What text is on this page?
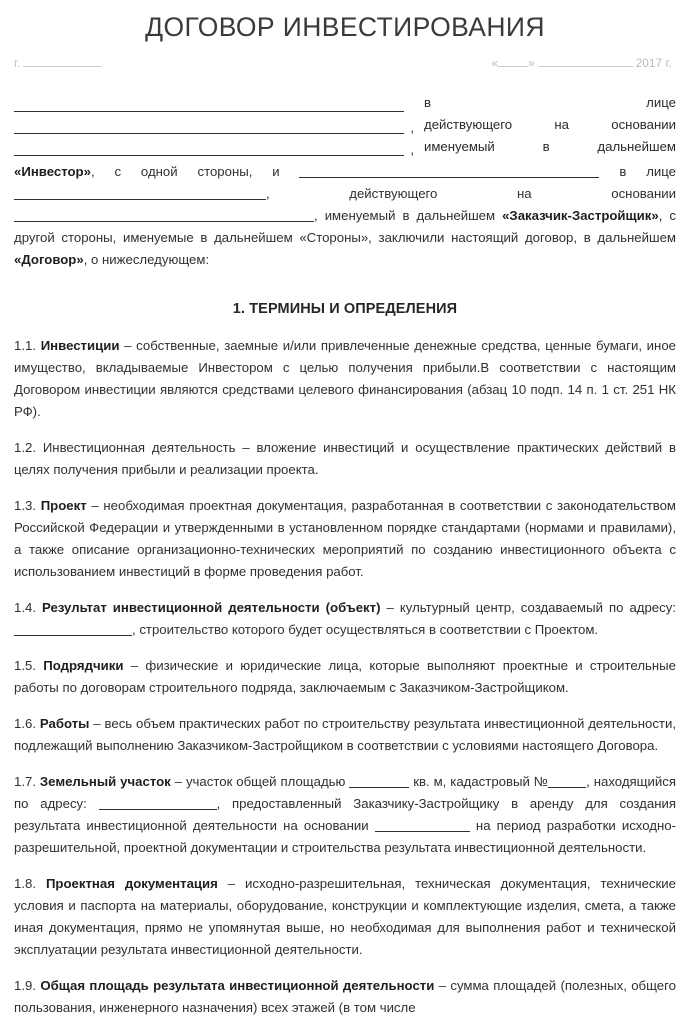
ДОГОВОР ИНВЕСТИРОВАНИЯ
г.	«	»	2017 г.
,
,
в лице
действующего на основании
именуемый в дальнейшем

«Инвестор», с одной стороны, и	в лице , действующего на основании , именуемый в дальнейшем «Заказчик-Застройщик», с другой стороны, именуемые в дальнейшем «Стороны», заключили настоящий договор, в дальнейшем «Договор», о нижеследующем:

1. ТЕРМИНЫ И ОПРЕДЕЛЕНИЯ

1.1. Инвестиции – собственные, заемные и/или привлеченные денежные средства, ценные бумаги, иное имущество, вкладываемые Инвестором с целью получения прибыли.В соответствии с настоящим Договором инвестиции являются средствами целевого финансирования (абзац 10 подп. 14 п. 1 ст. 251 НК РФ).

1.2. Инвестиционная деятельность – вложение инвестиций и осуществление практических действий в целях получения прибыли и реализации проекта.

1.3. Проект – необходимая проектная документация, разработанная в соответствии с законодательством Российской Федерации и утвержденными в установленном порядке стандартами (нормами и правилами), а также описание организационно-технических мероприятий по созданию инвестиционного объекта с использованием инвестиций в форме проведения работ.

1.4. Результат инвестиционной деятельности (объект) – культурный центр, создаваемый по адресу: , строительство которого будет осуществляться в соответствии с Проектом.

1.5. Подрядчики – физические и юридические лица, которые выполняют проектные и строительные работы по договорам строительного подряда, заключаемым с Заказчиком-Застройщиком.

1.6. Работы – весь объем практических работ по строительству результата инвестиционной деятельности, подлежащий выполнению Заказчиком-Застройщиком в соответствии с условиями настоящего Договора.

1.7. Земельный участок – участок общей площадью	кв. м, кадастровый №	, находящийся по адресу:	, предоставленный Заказчику-Застройщику в аренду для создания результата инвестиционной деятельности на основании	на период разработки исходно-разрешительной, проектной документации и строительства результата инвестиционной деятельности.

1.8. Проектная документация – исходно-разрешительная, техническая документация, технические условия и паспорта на материалы, оборудование, конструкции и комплектующие изделия, смета, а также иная документация, прямо не упомянутая выше, но необходимая для выполнения работ и технической эксплуатации результата инвестиционной деятельности.

1.9. Общая площадь результата инвестиционной деятельности – сумма площадей (полезных, общего пользования, инженерного назначения) всех этажей (в том числе
